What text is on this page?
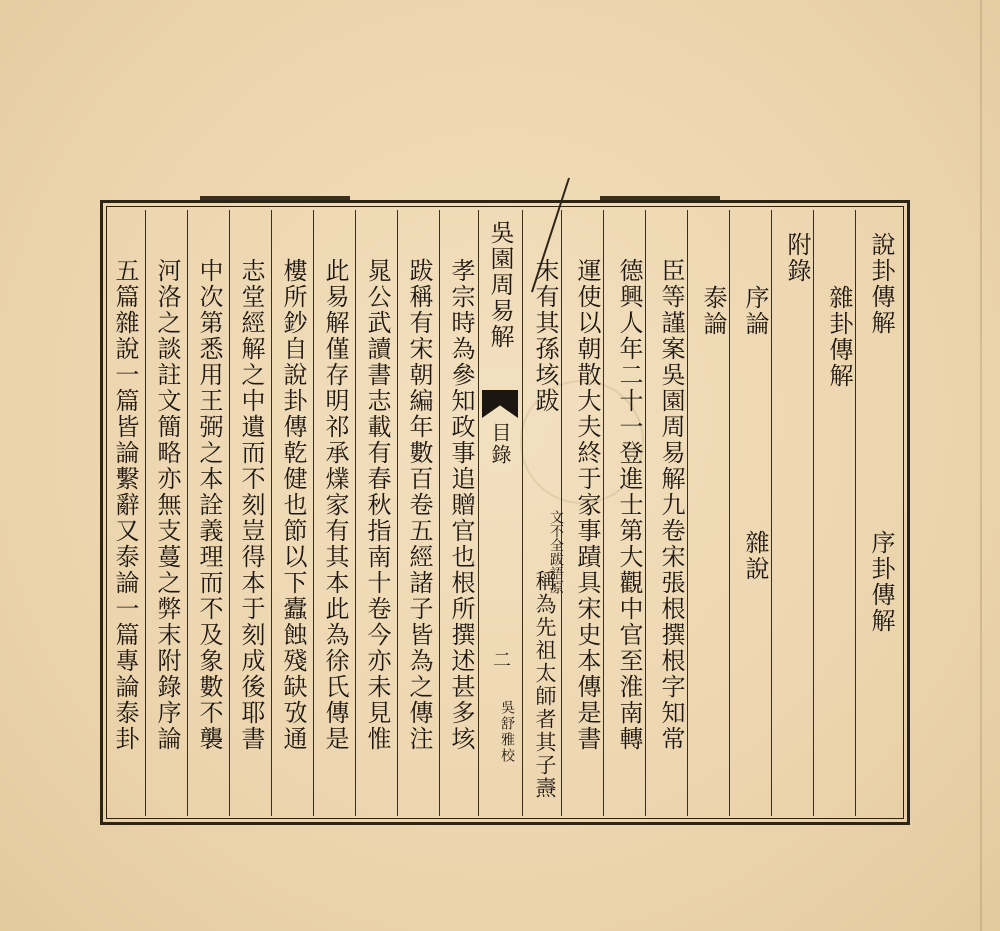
說卦傳解
序卦傳解
雜卦傳解
附錄
序論
雜說
泰論
臣等謹案吳園周易解九卷宋張根撰根字知常
德興人年二十一登進士第大觀中官至淮南轉
運使以朝散大夫終于家事蹟具宋史本傳是書
末有其孫垓跋
文不全跋語原
稱為先祖太師者其子燾
吳園周易解
目錄
二
吳舒雅校
孝宗時為參知政事追贈官也根所撰述甚多垓
跋稱有宋朝編年數百卷五經諸子皆為之傳注
晁公武讀書志載有春秋指南十卷今亦未見惟
此易解僅存明祁承㸁家有其本此為徐氏傳是
樓所鈔自說卦傳乾健也節以下蠹蝕殘缺攷通
志堂經解之中遺而不刻豈得本于刻成後耶書
中次第悉用王弼之本詮義理而不及象數不襲
河洛之談註文簡略亦無支蔓之弊末附錄序論
五篇雜說一篇皆論繫辭又泰論一篇專論泰卦
